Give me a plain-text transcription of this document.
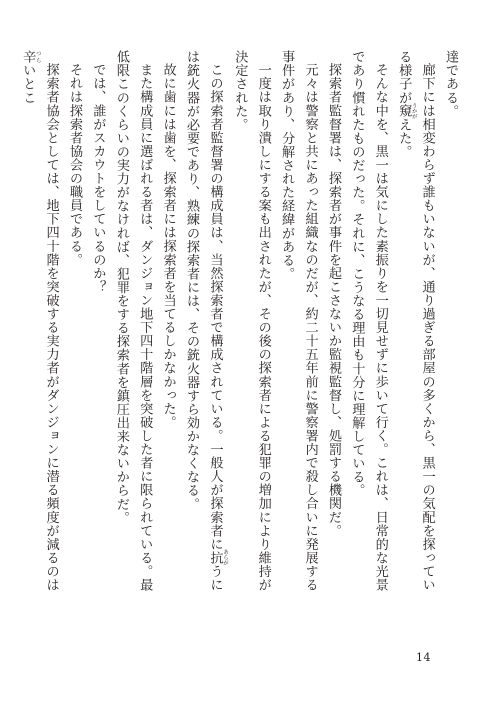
達である。

廊下には相変わらず誰もいないが、通り過ぎる部屋の多くから、黒一の気配を探っている様子が窺 うかがえた。

そんな中を、黒一は気にした素振りを一切見せずに歩いて行く。これは、日常的な光景であり慣れたものだった。それに、こうなる理由も十分に理解している。

探索者監督署は、探索者が事件を起こさないか監視監督し、処罰する機関だ。

元々は警察と共にあった組織なのだが、約二十五年前に警察署内で殺し合いに発展する事件があり、分解された経緯がある。

一度は取り潰しにする案も出されたが、その後の探索者による犯罪の増加により維持が決定された。

この探索者監督署の構成員は、当然探索者で構成されている。一般人が探索者に抗 あらがうには銃火器が必要であり、熟練の探索者には、その銃火器すら効かなくなる。

故に歯には歯を、探索者には探索者を当てるしかなかった。

また構成員に選ばれる者は、ダンジョン地下四十階層を突破した者に限られている。最低限このくらいの実力がなければ、犯罪をする探索者を鎮圧出来ないからだ。

では、誰がスカウトをしているのか？

それは探索者協会の職員である。

探索者協会としては、地下四十階を突破する実力者がダンジョンに潜る頻度が減るのは辛 つらいとこ

14
